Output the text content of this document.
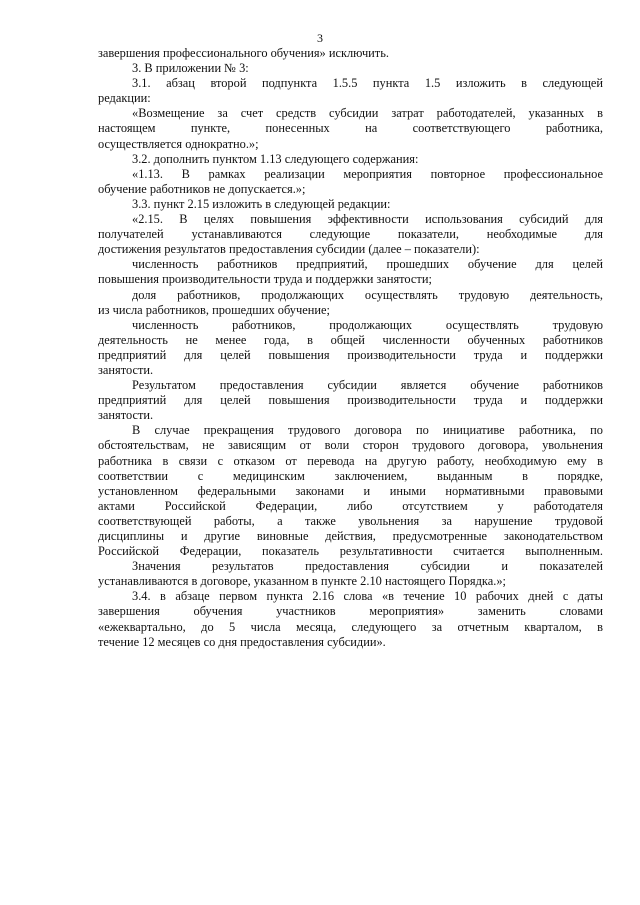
3
завершения профессионального обучения» исключить.
3. В приложении № 3:
3.1. абзац второй подпункта 1.5.5 пункта 1.5 изложить в следующей
редакции:
«Возмещение за счет средств субсидии затрат работодателей, указанных в
настоящем пункте, понесенных на соответствующего работника,
осуществляется однократно.»;
3.2. дополнить пунктом 1.13 следующего содержания:
«1.13. В рамках реализации мероприятия повторное профессиональное
обучение работников не допускается.»;
3.3. пункт 2.15 изложить в следующей редакции:
«2.15. В целях повышения эффективности использования субсидий для
получателей устанавливаются следующие показатели, необходимые для
достижения результатов предоставления субсидии (далее – показатели):
численность работников предприятий, прошедших обучение для целей
повышения производительности труда и поддержки занятости;
доля работников, продолжающих осуществлять трудовую деятельность,
из числа работников, прошедших обучение;
численность работников, продолжающих осуществлять трудовую
деятельность не менее года, в общей численности обученных работников
предприятий для целей повышения производительности труда и поддержки
занятости.
Результатом предоставления субсидии является обучение работников
предприятий для целей повышения производительности труда и поддержки
занятости.
В случае прекращения трудового договора по инициативе работника, по
обстоятельствам, не зависящим от воли сторон трудового договора, увольнения
работника в связи с отказом от перевода на другую работу, необходимую ему в
соответствии с медицинским заключением, выданным в порядке,
установленном федеральными законами и иными нормативными правовыми
актами Российской Федерации, либо отсутствием у работодателя
соответствующей работы, а также увольнения за нарушение трудовой
дисциплины и другие виновные действия, предусмотренные законодательством
Российской Федерации, показатель результативности считается выполненным.
Значения результатов предоставления субсидии и показателей
устанавливаются в договоре, указанном в пункте 2.10 настоящего Порядка.»;
3.4. в абзаце первом пункта 2.16 слова «в течение 10 рабочих дней с даты
завершения обучения участников мероприятия» заменить словами
«ежеквартально, до 5 числа месяца, следующего за отчетным кварталом, в
течение 12 месяцев со дня предоставления субсидии».
